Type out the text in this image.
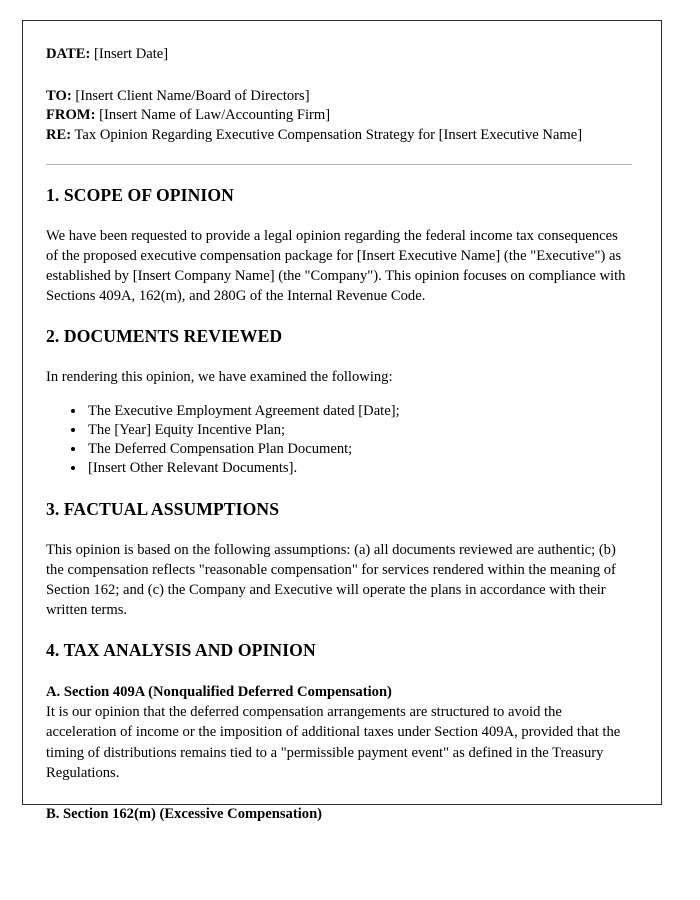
DATE: [Insert Date]

TO: [Insert Client Name/Board of Directors]

FROM: [Insert Name of Law/Accounting Firm]

RE: Tax Opinion Regarding Executive Compensation Strategy for [Insert Executive Name]

1. SCOPE OF OPINION

We have been requested to provide a legal opinion regarding the federal income tax consequences of the proposed executive compensation package for [Insert Executive Name] (the "Executive") as established by [Insert Company Name] (the "Company"). This opinion focuses on compliance with Sections 409A, 162(m), and 280G of the Internal Revenue Code.

2. DOCUMENTS REVIEWED

In rendering this opinion, we have examined the following:

• The Executive Employment Agreement dated [Date];
• The [Year] Equity Incentive Plan;
• The Deferred Compensation Plan Document;
• [Insert Other Relevant Documents].
3. FACTUAL ASSUMPTIONS

This opinion is based on the following assumptions: (a) all documents reviewed are authentic; (b) the compensation reflects "reasonable compensation" for services rendered within the meaning of Section 162; and (c) the Company and Executive will operate the plans in accordance with their written terms.

4. TAX ANALYSIS AND OPINION
A. Section 409A (Nonqualified Deferred Compensation)

It is our opinion that the deferred compensation arrangements are structured to avoid the acceleration of income or the imposition of additional taxes under Section 409A, provided that the timing of distributions remains tied to a "permissible payment event" as defined in the Treasury Regulations.

B. Section 162(m) (Excessive Compensation)
